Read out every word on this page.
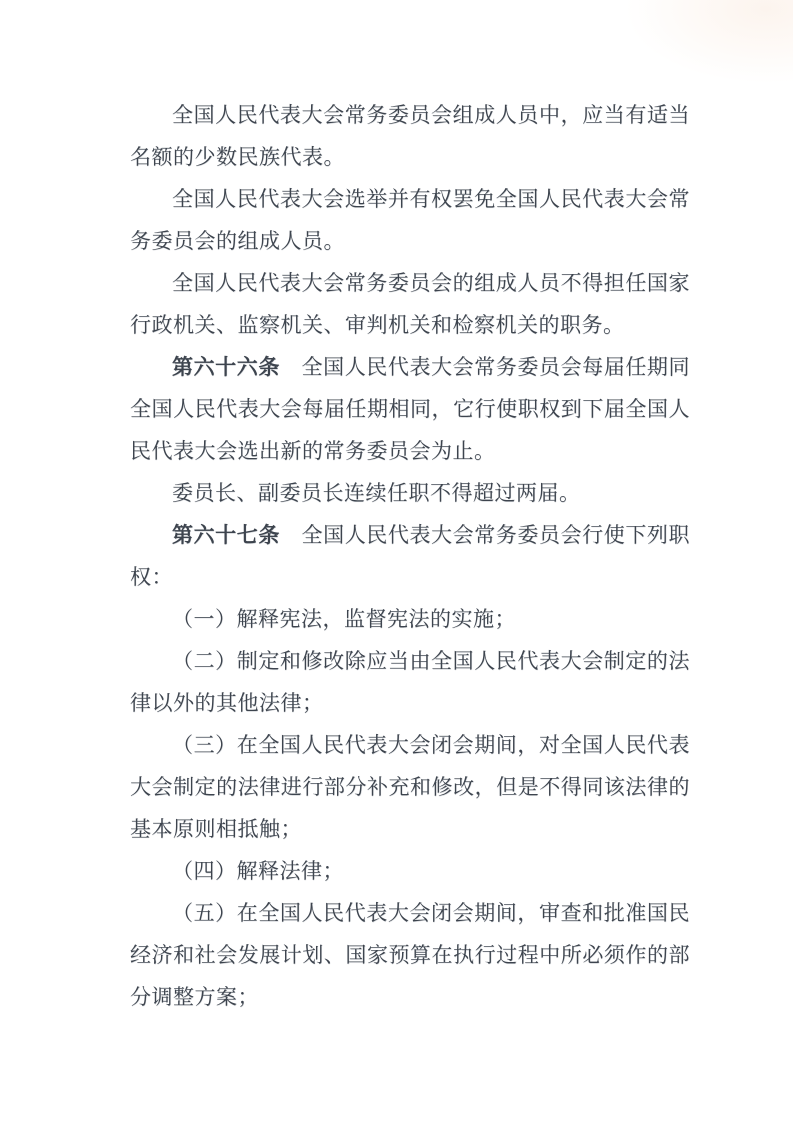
全国人民代表大会常务委员会组成人员中，应当有适当名额的少数民族代表。

全国人民代表大会选举并有权罢免全国人民代表大会常务委员会的组成人员。

全国人民代表大会常务委员会的组成人员不得担任国家行政机关、监察机关、审判机关和检察机关的职务。

第六十六条　全国人民代表大会常务委员会每届任期同全国人民代表大会每届任期相同，它行使职权到下届全国人民代表大会选出新的常务委员会为止。

委员长、副委员长连续任职不得超过两届。

第六十七条　全国人民代表大会常务委员会行使下列职权：

（一）解释宪法，监督宪法的实施；

（二）制定和修改除应当由全国人民代表大会制定的法律以外的其他法律；

（三）在全国人民代表大会闭会期间，对全国人民代表大会制定的法律进行部分补充和修改，但是不得同该法律的基本原则相抵触；

（四）解释法律；

（五）在全国人民代表大会闭会期间，审查和批准国民经济和社会发展计划、国家预算在执行过程中所必须作的部分调整方案；
